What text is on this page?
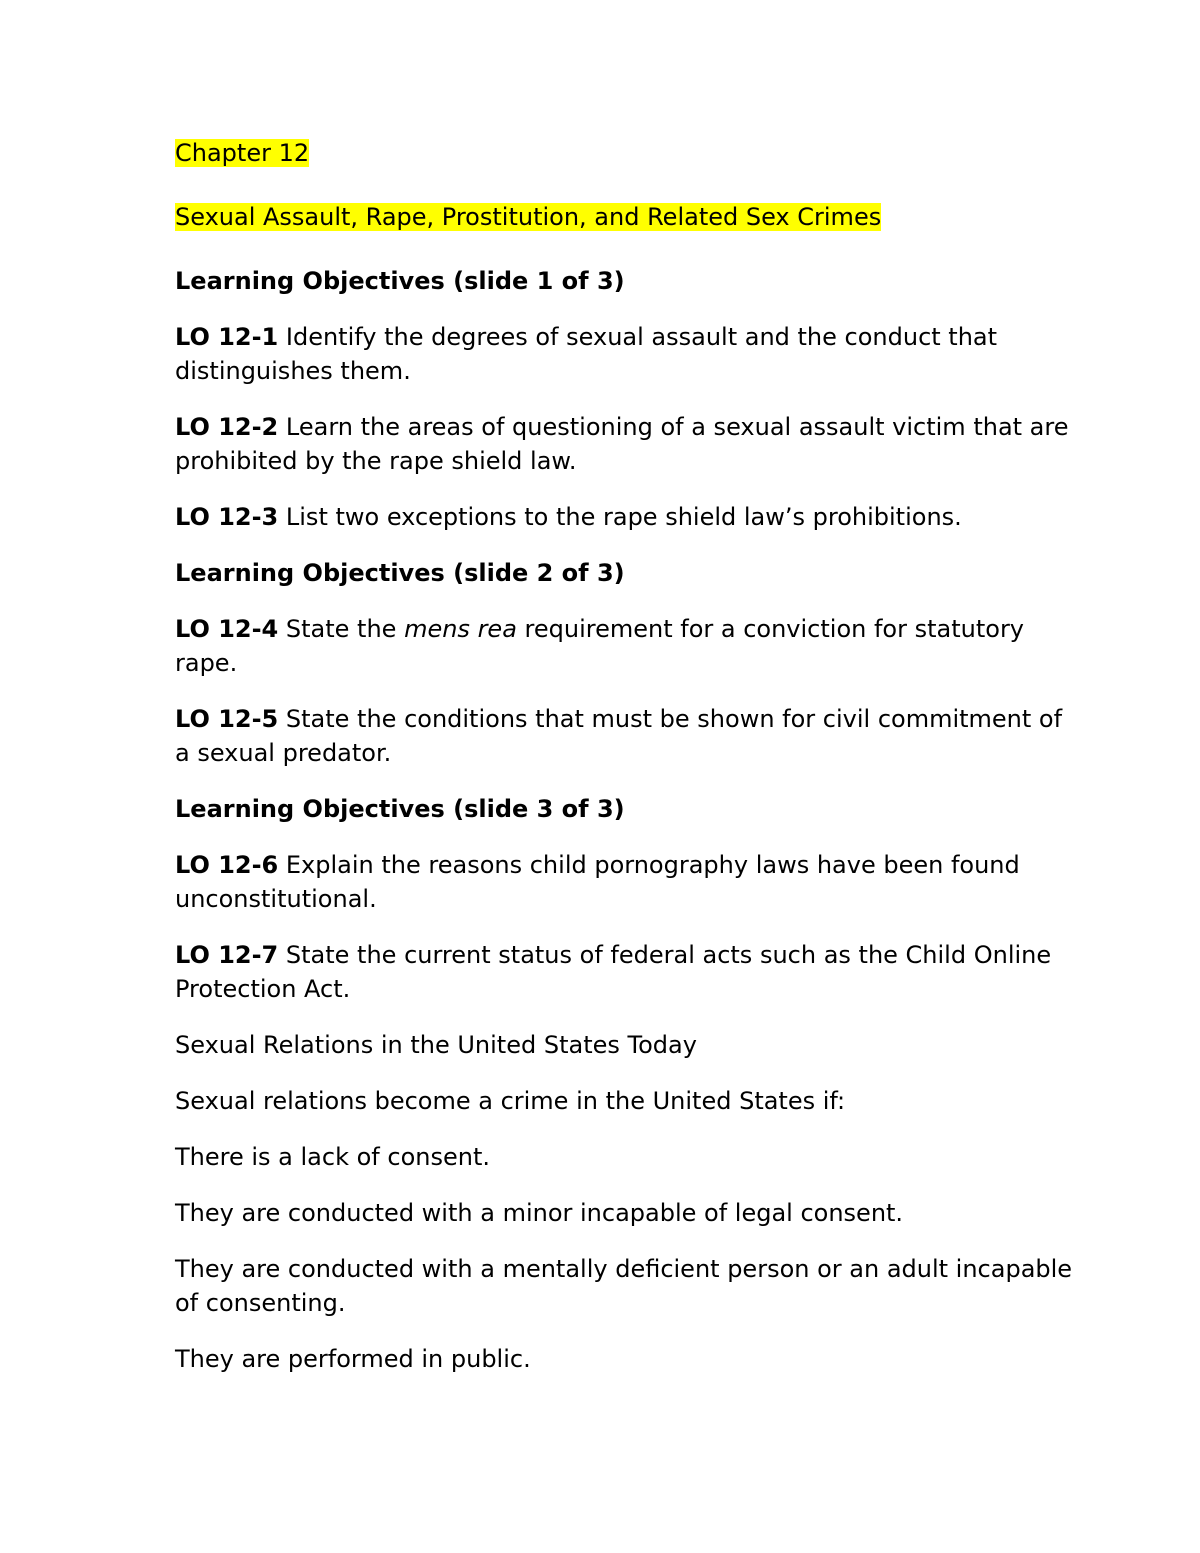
Chapter 12

Sexual Assault, Rape, Prostitution, and Related Sex Crimes

Learning Objectives (slide 1 of 3)

LO 12-1 Identify the degrees of sexual assault and the conduct that distinguishes them.

LO 12-2 Learn the areas of questioning of a sexual assault victim that are prohibited by the rape shield law.

LO 12-3 List two exceptions to the rape shield law’s prohibitions.

Learning Objectives (slide 2 of 3)

LO 12-4 State the mens rea requirement for a conviction for statutory rape.

LO 12-5 State the conditions that must be shown for civil commitment of a sexual predator.

Learning Objectives (slide 3 of 3)

LO 12-6 Explain the reasons child pornography laws have been found unconstitutional.

LO 12-7 State the current status of federal acts such as the Child Online Protection Act.

Sexual Relations in the United States Today

Sexual relations become a crime in the United States if:

There is a lack of consent.

They are conducted with a minor incapable of legal consent.

They are conducted with a mentally deficient person or an adult incapable of consenting.

They are performed in public.
